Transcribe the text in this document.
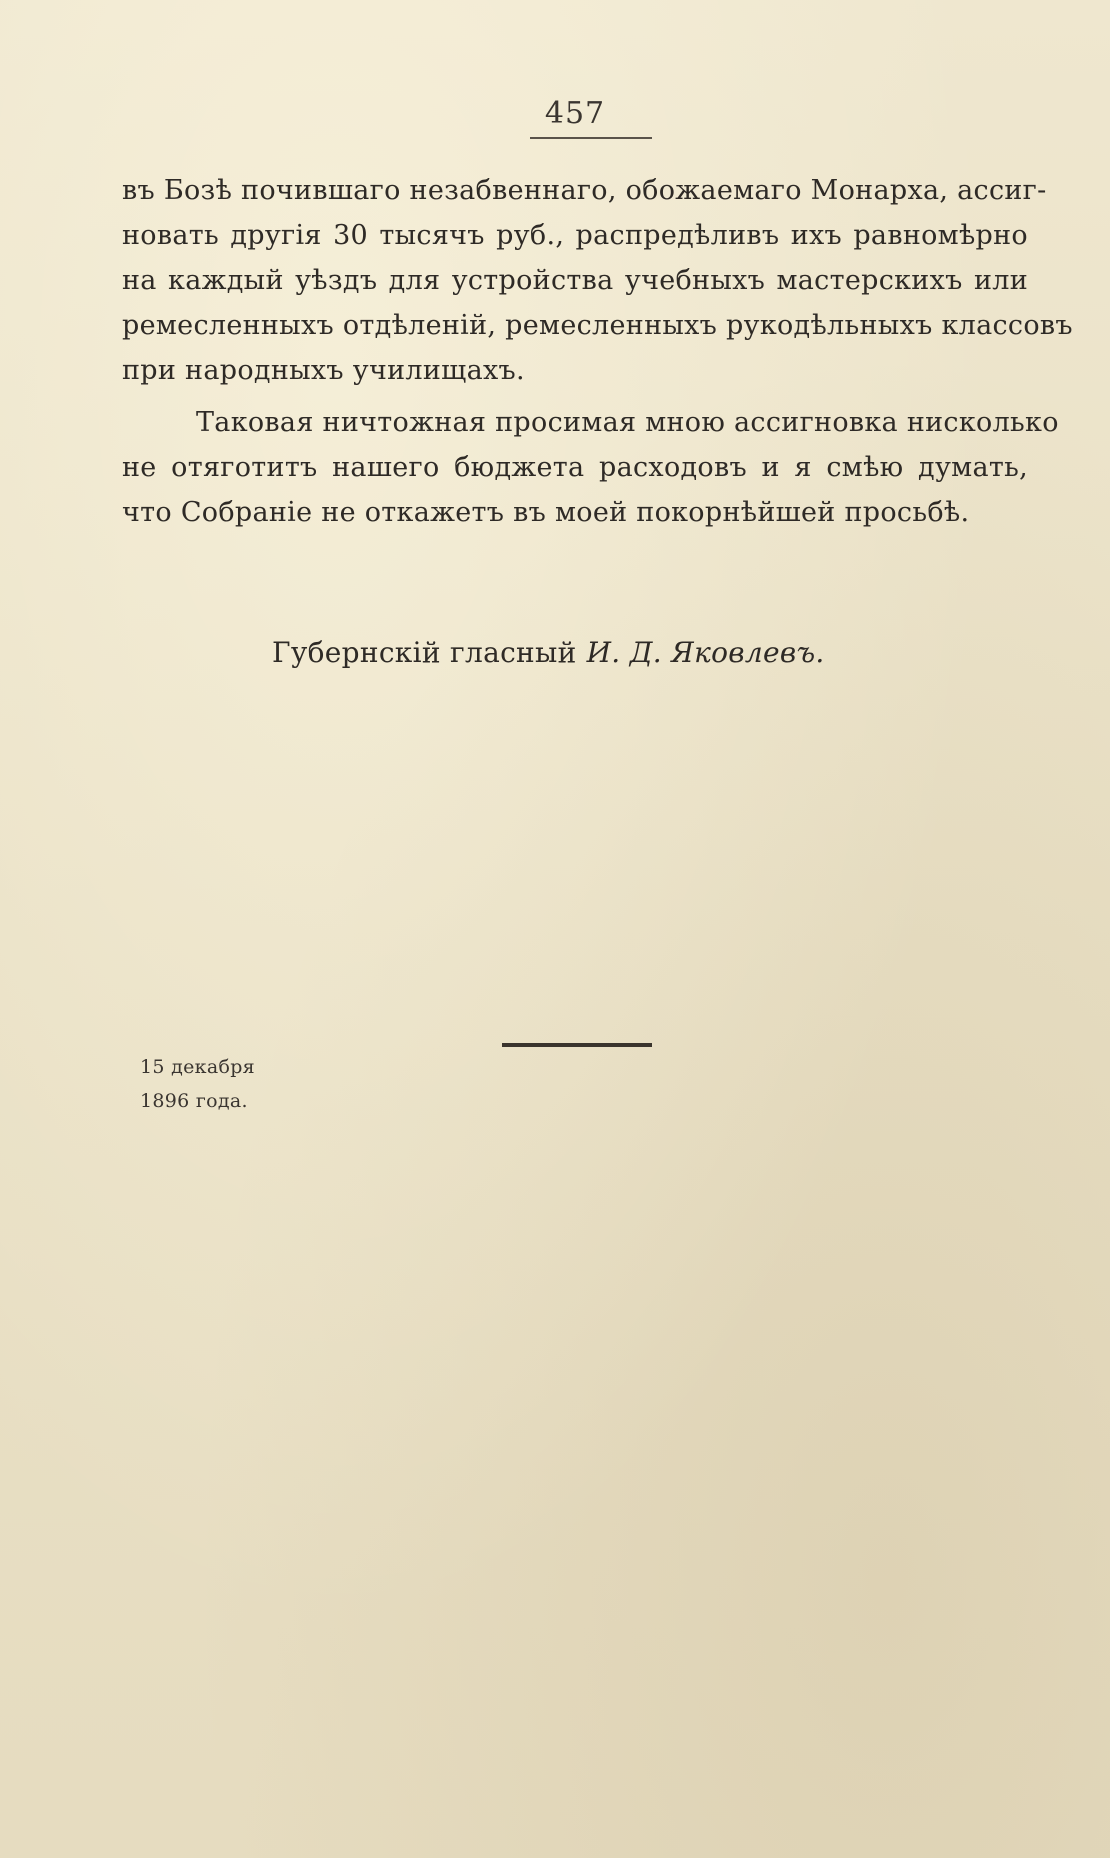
457
въ Бозѣ почившаго незабвеннаго, обожаемаго Монарха, ассиг-
новать другія 30 тысячъ руб., распредѣливъ ихъ равномѣрно
на каждый уѣздъ для устройства учебныхъ мастерскихъ или
ремесленныхъ отдѣленій, ремесленныхъ рукодѣльныхъ классовъ
при народныхъ училищахъ.
Таковая ничтожная просимая мною ассигновка нисколько
не отяготитъ нашего бюджета расходовъ и я смѣю думать,
что Собраніе не откажетъ въ моей покорнѣйшей просьбѣ.
Губернскій гласный И. Д. Яковлевъ.
15 декабря
1896 года.
